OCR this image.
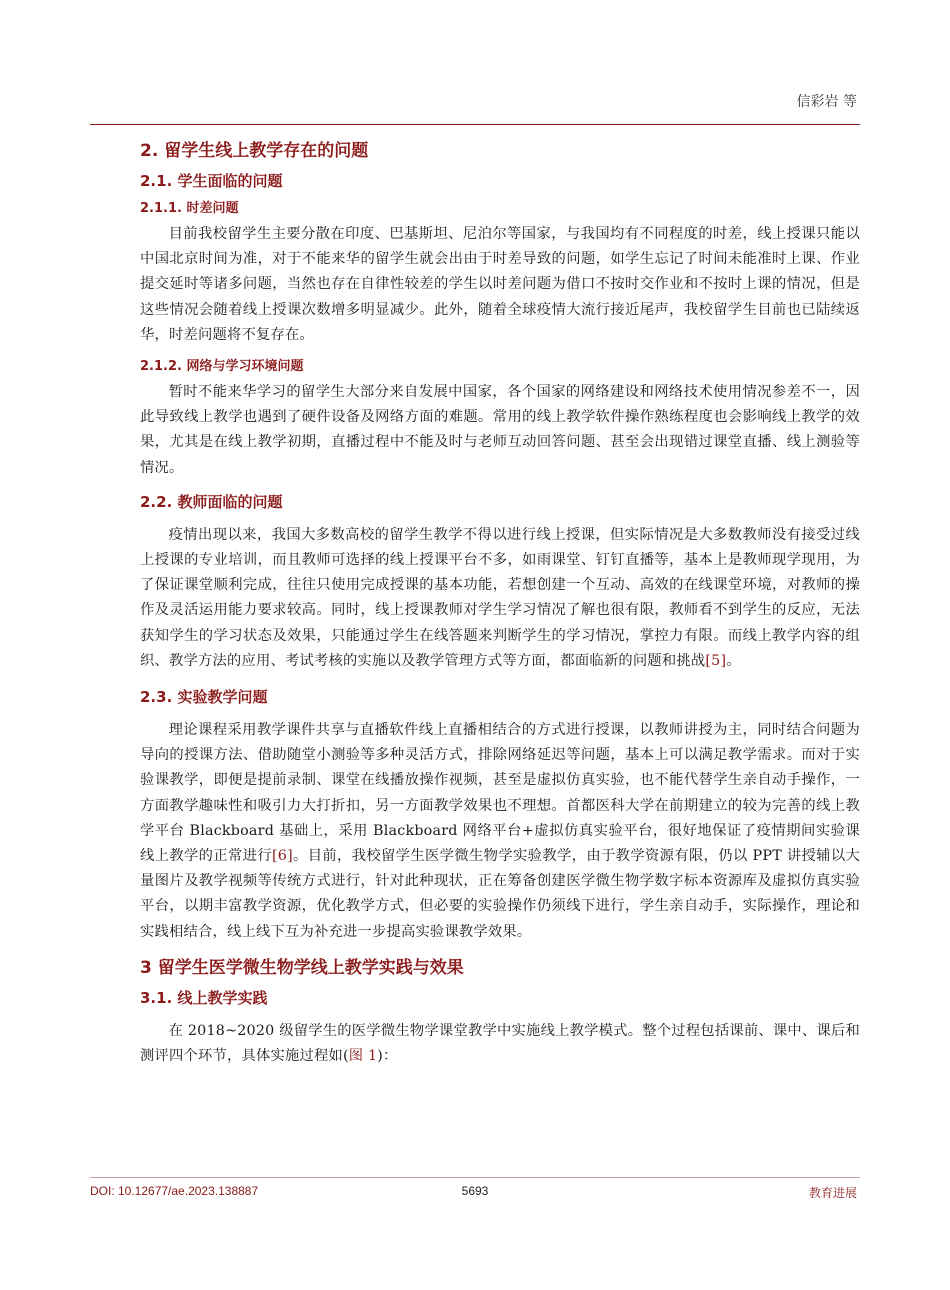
信彩岩 等
2. 留学生线上教学存在的问题
2.1. 学生面临的问题
2.1.1. 时差问题

目前我校留学生主要分散在印度、巴基斯坦、尼泊尔等国家，与我国均有不同程度的时差，线上授课只能以中国北京时间为准，对于不能来华的留学生就会出由于时差导致的问题，如学生忘记了时间未能准时上课、作业提交延时等诸多问题，当然也存在自律性较差的学生以时差问题为借口不按时交作业和不按时上课的情况，但是这些情况会随着线上授课次数增多明显减少。此外，随着全球疫情大流行接近尾声，我校留学生目前也已陆续返华，时差问题将不复存在。

2.1.2. 网络与学习环境问题

暂时不能来华学习的留学生大部分来自发展中国家，各个国家的网络建设和网络技术使用情况参差不一，因此导致线上教学也遇到了硬件设备及网络方面的难题。常用的线上教学软件操作熟练程度也会影响线上教学的效果，尤其是在线上教学初期，直播过程中不能及时与老师互动回答问题、甚至会出现错过课堂直播、线上测验等情况。

2.2. 教师面临的问题

疫情出现以来，我国大多数高校的留学生教学不得以进行线上授课，但实际情况是大多数教师没有接受过线上授课的专业培训，而且教师可选择的线上授课平台不多，如雨课堂、钉钉直播等，基本上是教师现学现用，为了保证课堂顺利完成，往往只使用完成授课的基本功能，若想创建一个互动、高效的在线课堂环境，对教师的操作及灵活运用能力要求较高。同时，线上授课教师对学生学习情况了解也很有限，教师看不到学生的反应，无法获知学生的学习状态及效果，只能通过学生在线答题来判断学生的学习情况，掌控力有限。而线上教学内容的组织、教学方法的应用、考试考核的实施以及教学管理方式等方面，都面临新的问题和挑战[5]。

2.3. 实验教学问题

理论课程采用教学课件共享与直播软件线上直播相结合的方式进行授课，以教师讲授为主，同时结合问题为导向的授课方法、借助随堂小测验等多种灵活方式，排除网络延迟等问题，基本上可以满足教学需求。而对于实验课教学，即便是提前录制、课堂在线播放操作视频，甚至是虚拟仿真实验，也不能代替学生亲自动手操作，一方面教学趣味性和吸引力大打折扣，另一方面教学效果也不理想。首都医科大学在前期建立的较为完善的线上教学平台 Blackboard 基础上，采用 Blackboard 网络平台+虚拟仿真实验平台，很好地保证了疫情期间实验课线上教学的正常进行[6]。目前，我校留学生医学微生物学实验教学，由于教学资源有限，仍以 PPT 讲授辅以大量图片及教学视频等传统方式进行，针对此种现状，正在筹备创建医学微生物学数字标本资源库及虚拟仿真实验平台，以期丰富教学资源，优化教学方式，但必要的实验操作仍须线下进行，学生亲自动手，实际操作，理论和实践相结合，线上线下互为补充进一步提高实验课教学效果。

3 留学生医学微生物学线上教学实践与效果
3.1. 线上教学实践

在 2018~2020 级留学生的医学微生物学课堂教学中实施线上教学模式。整个过程包括课前、课中、课后和测评四个环节，具体实施过程如(图 1)：

DOI: 10.12677/ae.2023.138887	5693	教育进展
